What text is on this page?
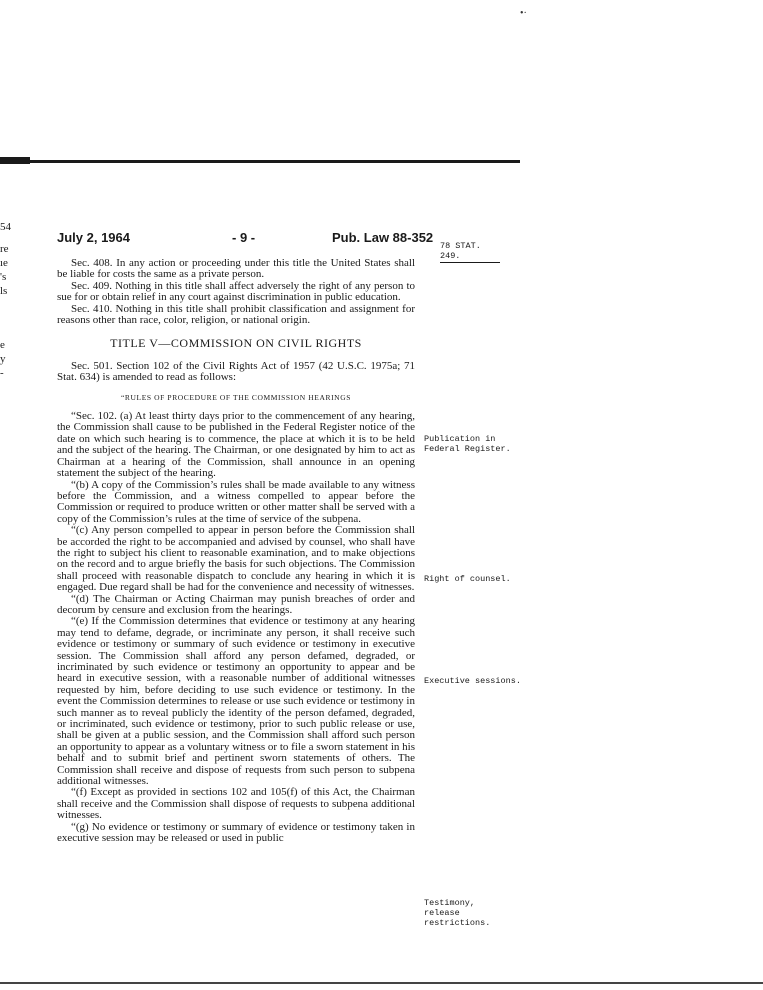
•·
54
re
ıe
's
ls
e
y
-
July 2, 1964	- 9 -	Pub. Law 88-352
78 STAT. 249.

Sec. 408. In any action or proceeding under this title the United States shall be liable for costs the same as a private person.

Sec. 409. Nothing in this title shall affect adversely the right of any person to sue for or obtain relief in any court against discrimination in public education.

Sec. 410. Nothing in this title shall prohibit classification and assignment for reasons other than race, color, religion, or national origin.

TITLE V—COMMISSION ON CIVIL RIGHTS

Sec. 501. Section 102 of the Civil Rights Act of 1957 (42 U.S.C. 1975a; 71 Stat. 634) is amended to read as follows:

“RULES OF PROCEDURE OF THE COMMISSION HEARINGS

“Sec. 102. (a) At least thirty days prior to the commencement of any hearing, the Commission shall cause to be published in the Federal Register notice of the date on which such hearing is to commence, the place at which it is to be held and the subject of the hearing. The Chairman, or one designated by him to act as Chairman at a hearing of the Commission, shall announce in an opening statement the subject of the hearing.

“(b) A copy of the Commission’s rules shall be made available to any witness before the Commission, and a witness compelled to appear before the Commission or required to produce written or other matter shall be served with a copy of the Commission’s rules at the time of service of the subpena.

“(c) Any person compelled to appear in person before the Commission shall be accorded the right to be accompanied and advised by counsel, who shall have the right to subject his client to reasonable examination, and to make objections on the record and to argue briefly the basis for such objections. The Commission shall proceed with reasonable dispatch to conclude any hearing in which it is engaged. Due regard shall be had for the convenience and necessity of witnesses.

“(d) The Chairman or Acting Chairman may punish breaches of order and decorum by censure and exclusion from the hearings.

“(e) If the Commission determines that evidence or testimony at any hearing may tend to defame, degrade, or incriminate any person, it shall receive such evidence or testimony or summary of such evidence or testimony in executive session. The Commission shall afford any person defamed, degraded, or incriminated by such evidence or testimony an opportunity to appear and be heard in executive session, with a reasonable number of additional witnesses requested by him, before deciding to use such evidence or testimony. In the event the Commission determines to release or use such evidence or testimony in such manner as to reveal publicly the identity of the person defamed, degraded, or incriminated, such evidence or testimony, prior to such public release or use, shall be given at a public session, and the Commission shall afford such person an opportunity to appear as a voluntary witness or to file a sworn statement in his behalf and to submit brief and pertinent sworn statements of others. The Commission shall receive and dispose of requests from such person to subpena additional witnesses.

“(f) Except as provided in sections 102 and 105(f) of this Act, the Chairman shall receive and the Commission shall dispose of requests to subpena additional witnesses.

“(g) No evidence or testimony or summary of evidence or testimony taken in executive session may be released or used in public

Publication in Federal Register.
Right of counsel.
Executive sessions.
Testimony, release restrictions.
